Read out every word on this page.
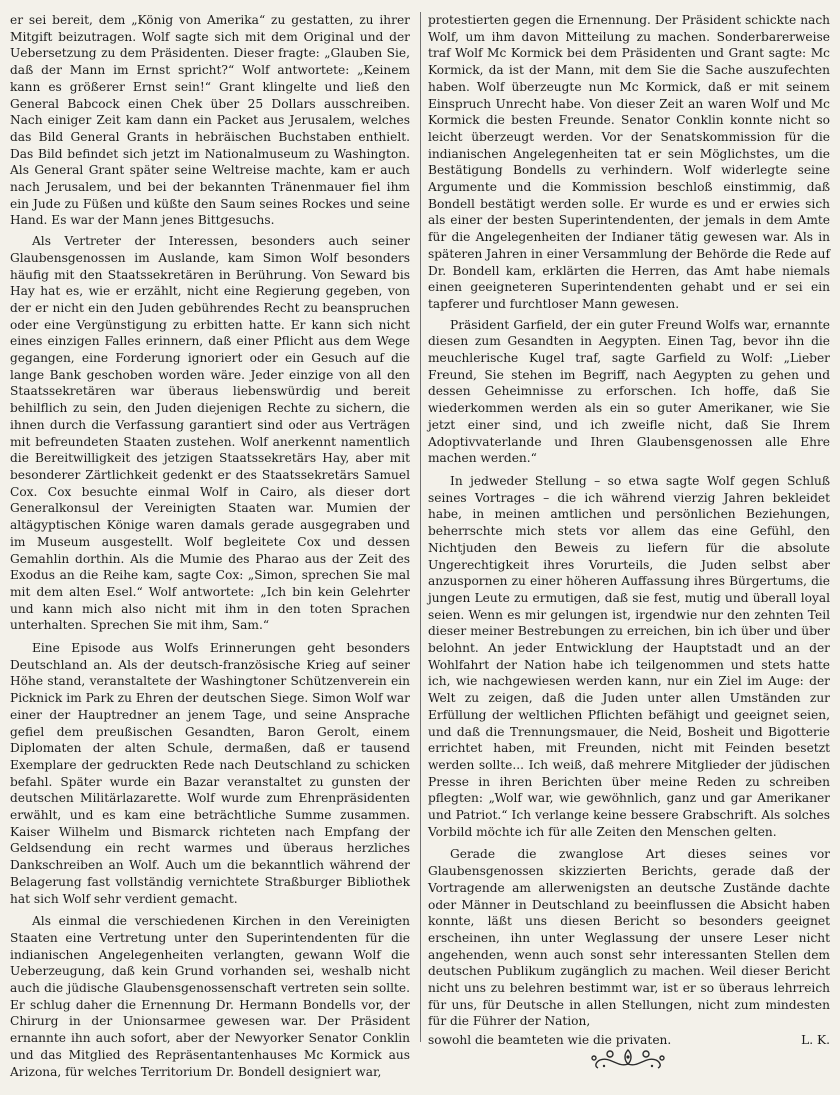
er sei bereit, dem „König von Amerika“ zu gestatten, zu ihrer Mitgift beizutragen. Wolf sagte sich mit dem Original und der Uebersetzung zu dem Präsidenten. Dieser fragte: „Glauben Sie, daß der Mann im Ernst spricht?“ Wolf antwortete: „Keinem kann es größerer Ernst sein!“ Grant klingelte und ließ den General Babcock einen Chek über 25 Dollars ausschreiben. Nach einiger Zeit kam dann ein Packet aus Jerusalem, welches das Bild General Grants in hebräischen Buchstaben enthielt. Das Bild befindet sich jetzt im Nationalmuseum zu Washington. Als General Grant später seine Weltreise machte, kam er auch nach Jerusalem, und bei der bekannten Tränenmauer fiel ihm ein Jude zu Füßen und küßte den Saum seines Rockes und seine Hand. Es war der Mann jenes Bittgesuchs.

Als Vertreter der Interessen, besonders auch seiner Glaubensgenossen im Auslande, kam Simon Wolf besonders häufig mit den Staatssekretären in Berührung. Von Seward bis Hay hat es, wie er erzählt, nicht eine Regierung gegeben, von der er nicht ein den Juden gebührendes Recht zu beanspruchen oder eine Vergünstigung zu erbitten hatte. Er kann sich nicht eines einzigen Falles erinnern, daß einer Pflicht aus dem Wege gegangen, eine Forderung ignoriert oder ein Gesuch auf die lange Bank geschoben worden wäre. Jeder einzige von all den Staatssekretären war überaus liebenswürdig und bereit behilflich zu sein, den Juden diejenigen Rechte zu sichern, die ihnen durch die Verfassung garantiert sind oder aus Verträgen mit befreundeten Staaten zustehen. Wolf anerkennt namentlich die Bereitwilligkeit des jetzigen Staatssekretärs Hay, aber mit besonderer Zärtlichkeit gedenkt er des Staatssekretärs Samuel Cox. Cox besuchte einmal Wolf in Cairo, als dieser dort Generalkonsul der Vereinigten Staaten war. Mumien der altägyptischen Könige waren damals gerade ausgegraben und im Museum ausgestellt. Wolf begleitete Cox und dessen Gemahlin dorthin. Als die Mumie des Pharao aus der Zeit des Exodus an die Reihe kam, sagte Cox: „Simon, sprechen Sie mal mit dem alten Esel.“ Wolf antwortete: „Ich bin kein Gelehrter und kann mich also nicht mit ihm in den toten Sprachen unterhalten. Sprechen Sie mit ihm, Sam.“

Eine Episode aus Wolfs Erinnerungen geht besonders Deutschland an. Als der deutsch-französische Krieg auf seiner Höhe stand, veranstaltete der Washingtoner Schützenverein ein Picknick im Park zu Ehren der deutschen Siege. Simon Wolf war einer der Hauptredner an jenem Tage, und seine Ansprache gefiel dem preußischen Gesandten, Baron Gerolt, einem Diplomaten der alten Schule, dermaßen, daß er tausend Exemplare der gedruckten Rede nach Deutschland zu schicken befahl. Später wurde ein Bazar veranstaltet zu gunsten der deutschen Militärlazarette. Wolf wurde zum Ehrenpräsidenten erwählt, und es kam eine beträchtliche Summe zusammen. Kaiser Wilhelm und Bismarck richteten nach Empfang der Geldsendung ein recht warmes und überaus herzliches Dankschreiben an Wolf. Auch um die bekanntlich während der Belagerung fast vollständig vernichtete Straßburger Bibliothek hat sich Wolf sehr verdient gemacht.

Als einmal die verschiedenen Kirchen in den Vereinigten Staaten eine Vertretung unter den Superintendenten für die indianischen Angelegenheiten verlangten, gewann Wolf die Ueberzeugung, daß kein Grund vorhanden sei, weshalb nicht auch die jüdische Glaubensgenossenschaft vertreten sein sollte. Er schlug daher die Ernennung Dr. Hermann Bondells vor, der Chirurg in der Unionsarmee gewesen war. Der Präsident ernannte ihn auch sofort, aber der Newyorker Senator Conklin und das Mitglied des Repräsentantenhauses Mc Kormick aus Arizona, für welches Territorium Dr. Bondell designiert war,

protestierten gegen die Ernennung. Der Präsident schickte nach Wolf, um ihm davon Mitteilung zu machen. Sonderbarerweise traf Wolf Mc Kormick bei dem Präsidenten und Grant sagte: Mc Kormick, da ist der Mann, mit dem Sie die Sache auszufechten haben. Wolf überzeugte nun Mc Kormick, daß er mit seinem Einspruch Unrecht habe. Von dieser Zeit an waren Wolf und Mc Kormick die besten Freunde. Senator Conklin konnte nicht so leicht überzeugt werden. Vor der Senatskommission für die indianischen Angelegenheiten tat er sein Möglichstes, um die Bestätigung Bondells zu verhindern. Wolf widerlegte seine Argumente und die Kommission beschloß einstimmig, daß Bondell bestätigt werden solle. Er wurde es und er erwies sich als einer der besten Superintendenten, der jemals in dem Amte für die Angelegenheiten der Indianer tätig gewesen war. Als in späteren Jahren in einer Versammlung der Behörde die Rede auf Dr. Bondell kam, erklärten die Herren, das Amt habe niemals einen geeigneteren Superintendenten gehabt und er sei ein tapferer und furchtloser Mann gewesen.

Präsident Garfield, der ein guter Freund Wolfs war, ernannte diesen zum Gesandten in Aegypten. Einen Tag, bevor ihn die meuchlerische Kugel traf, sagte Garfield zu Wolf: „Lieber Freund, Sie stehen im Begriff, nach Aegypten zu gehen und dessen Geheimnisse zu erforschen. Ich hoffe, daß Sie wiederkommen werden als ein so guter Amerikaner, wie Sie jetzt einer sind, und ich zweifle nicht, daß Sie Ihrem Adoptivvaterlande und Ihren Glaubensgenossen alle Ehre machen werden.“

In jedweder Stellung – so etwa sagte Wolf gegen Schluß seines Vortrages – die ich während vierzig Jahren bekleidet habe, in meinen amtlichen und persönlichen Beziehungen, beherrschte mich stets vor allem das eine Gefühl, den Nichtjuden den Beweis zu liefern für die absolute Ungerechtigkeit ihres Vorurteils, die Juden selbst aber anzuspornen zu einer höheren Auffassung ihres Bürgertums, die jungen Leute zu ermutigen, daß sie fest, mutig und überall loyal seien. Wenn es mir gelungen ist, irgendwie nur den zehnten Teil dieser meiner Bestrebungen zu erreichen, bin ich über und über belohnt. An jeder Entwicklung der Hauptstadt und an der Wohlfahrt der Nation habe ich teilgenommen und stets hatte ich, wie nachgewiesen werden kann, nur ein Ziel im Auge: der Welt zu zeigen, daß die Juden unter allen Umständen zur Erfüllung der weltlichen Pflichten befähigt und geeignet seien, und daß die Trennungsmauer, die Neid, Bosheit und Bigotterie errichtet haben, mit Freunden, nicht mit Feinden besetzt werden sollte... Ich weiß, daß mehrere Mitglieder der jüdischen Presse in ihren Berichten über meine Reden zu schreiben pflegten: „Wolf war, wie gewöhnlich, ganz und gar Amerikaner und Patriot.“ Ich verlange keine bessere Grabschrift. Als solches Vorbild möchte ich für alle Zeiten den Menschen gelten.

Gerade die zwanglose Art dieses seines vor Glaubensgenossen skizzierten Berichts, gerade daß der Vortragende am allerwenigsten an deutsche Zustände dachte oder Männer in Deutschland zu beeinflussen die Absicht haben konnte, läßt uns diesen Bericht so besonders geeignet erscheinen, ihn unter Weglassung der unsere Leser nicht angehenden, wenn auch sonst sehr interessanten Stellen dem deutschen Publikum zugänglich zu machen. Weil dieser Bericht nicht uns zu belehren bestimmt war, ist er so überaus lehrreich für uns, für Deutsche in allen Stellungen, nicht zum mindesten für die Führer der Nation,

sowohl die beamteten wie die privaten.	L. K.
